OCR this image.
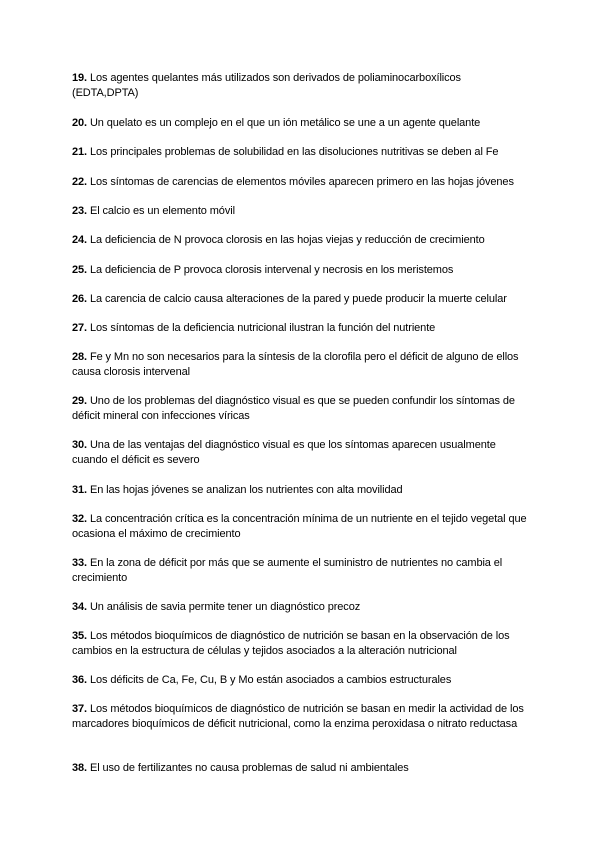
19. Los agentes quelantes más utilizados son derivados de poliaminocarboxílicos (EDTA,DPTA)

20. Un quelato es un complejo en el que un ión metálico se une a un agente quelante

21. Los principales problemas de solubilidad en las disoluciones nutritivas se deben al Fe

22. Los síntomas de carencias de elementos móviles aparecen primero en las hojas jóvenes

23. El calcio es un elemento móvil

24. La deficiencia de N provoca clorosis en las hojas viejas y reducción de crecimiento

25. La deficiencia de P provoca clorosis intervenal y necrosis en los meristemos

26. La carencia de calcio causa alteraciones de la pared y puede producir la muerte celular

27. Los síntomas de la deficiencia nutricional ilustran la función del nutriente

28. Fe y Mn no son necesarios para la síntesis de la clorofila pero el déficit de alguno de ellos causa clorosis intervenal

29. Uno de los problemas del diagnóstico visual es que se pueden confundir los síntomas de déficit mineral con infecciones víricas

30. Una de las ventajas del diagnóstico visual es que los síntomas aparecen usualmente cuando el déficit es severo

31. En las hojas jóvenes se analizan los nutrientes con alta movilidad

32. La concentración crítica es la concentración mínima de un nutriente en el tejido vegetal que ocasiona el máximo de crecimiento

33. En la zona de déficit por más que se aumente el suministro de nutrientes no cambia el crecimiento

34. Un análisis de savia permite tener un diagnóstico precoz

35. Los métodos bioquímicos de diagnóstico de nutrición se basan en la observación de los cambios en la estructura de células y tejidos asociados a la alteración nutricional

36. Los déficits de Ca, Fe, Cu, B y Mo están asociados a cambios estructurales

37. Los métodos bioquímicos de diagnóstico de nutrición se basan en medir la actividad de los marcadores bioquímicos de déficit nutricional, como la enzima peroxidasa o nitrato reductasa

38. El uso de fertilizantes no causa problemas de salud ni ambientales
